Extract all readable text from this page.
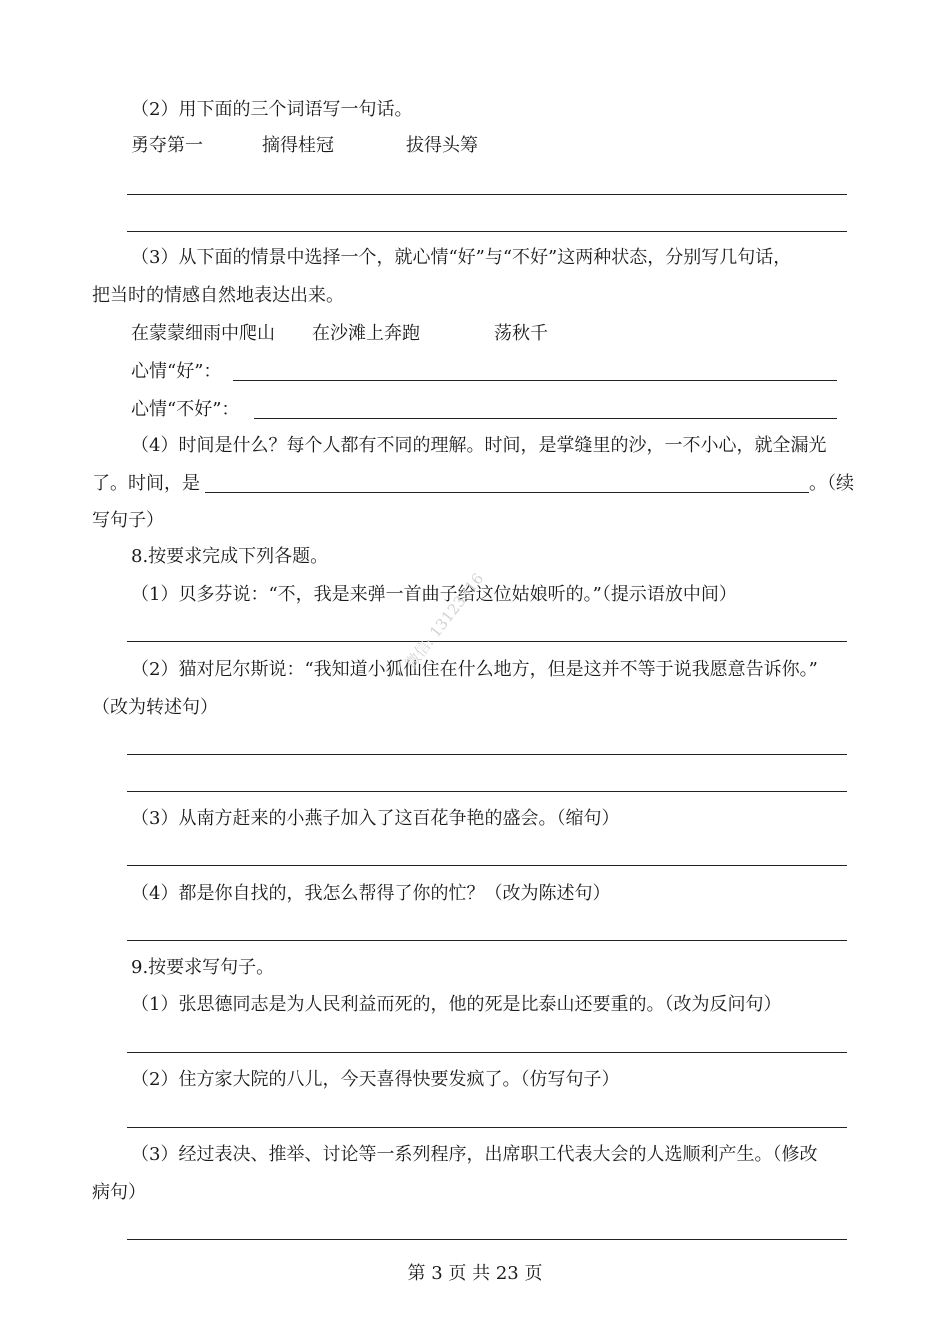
（2）用下面的三个词语写一句话。
勇夺第一	摘得桂冠	拔得头筹
（3）从下面的情景中选择一个，就心情“好”与“不好”这两种状态，分别写几句话，
把当时的情感自然地表达出来。
在蒙蒙细雨中爬山 在沙滩上奔跑	荡秋千
心情“好”：
心情“不好”：
（4）时间是什么？每个人都有不同的理解。时间，是掌缝里的沙，一不小心，就全漏光
了。时间，是	。（续
写句子）
8.按要求完成下列各题。
（1）贝多芬说：“不，我是来弹一首曲子给这位姑娘听的。”（提示语放中间）
（2）猫对尼尔斯说：“我知道小狐仙住在什么地方，但是这并不等于说我愿意告诉你。”
（改为转述句）
（3）从南方赶来的小燕子加入了这百花争艳的盛会。（缩句）
（4）都是你自找的，我怎么帮得了你的忙？（改为陈述句）
9.按要求写句子。
（1）张思德同志是为人民利益而死的，他的死是比泰山还要重的。（改为反问句）
（2）住方家大院的八儿，今天喜得快要发疯了。（仿写句子）
（3）经过表决、推举、讨论等一系列程序，出席职工代表大会的人选顺利产生。（修改
病句）
第 3 页 共 23 页
微信: 13123316
